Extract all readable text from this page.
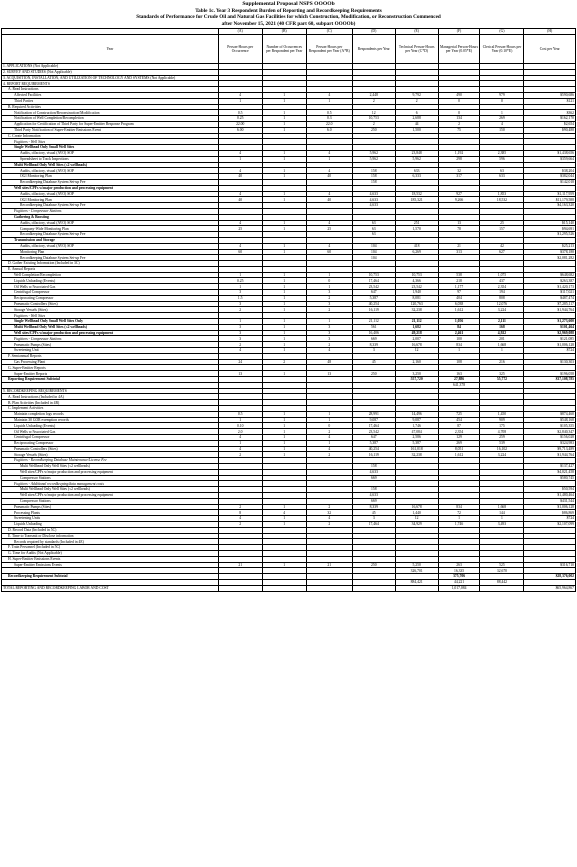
Supplemental Proposal NSPS OOOOb
Table 1c. Year 3 Respondent Burden of Reporting and Recordkeeping Requirements
Standards of Performance for Crude Oil and Natural Gas Facilities for which Construction, Modification, or Reconstruction Commenced
after November 15, 2021 (40 CFR part 60, subpart OOOOb)
	(A)	(B)	(C)	(D)	(E)	(F)	(G)	(H)
Year	Person-Hours per Occurrence	Number of Occurrences per Respondent per Year	Person-Hours per Respondent per Year (A*B)	Respondents per Year	Technical Person-Hours per Year (C*D)	Managerial Person-Hours per Year (0.05*E)	Clerical Person-Hours per Year (0.10*E)	Cost per Year
1. APPLICATIONS (Not Applicable)								
2. SURVEY AND STUDIES (Not Applicable)								
3. ACQUISITION, INSTALLATION, AND UTILIZATION OF TECHNOLOGY AND SYSTEMS (Not Applicable)								
4. REPORT REQUIREMENTS								
A. Read Instructions								
Affected Facilities	4	1	4	2,448	9,792	490	979	$590,686
Third Parties	1	1	1	2	2	0	0	$121
B. Required Activities								
Notification of Construction/Reconstruction/Modification	0.5	1	0.5	12	6	0	1	$362
Notification of Well Completion/Recompletion	0.25	1	0.3	10,753	2,688	134	269	$162,170
Application for Certification of Third Party for Super-Emitter Response Program	22.00	1	22.0	2	44	2	4	$2,654
Third Party Notification of Super-Emitter Emissions Event	6.00	1	6.0	250	1,500	75	150	$90,488
C. Create Information								
Fugitives - Well Sites								
Single Wellhead Only Small Well Sites								
Audits, olfactory, visual (AVO) SOP	4	1	4	5,962	23,848	1,192	2,385	$1,438,656
Spreadsheet to Track Inspections	1	1	1	5,962	5,962	298	596	$359,664
Multi Wellhead Only Well Sites (≤2 wellheads)								
Audits, olfactory, visual (AVO) SOP	4	1	4	158	633	32	63	$38,204
OGI Monitoring Plan	40	1	40	158	6,333	317	633	$382,044
Recordkeeping Database System Set-up Fee				158				$142,018
Well sites/CPFs w/major production and processing equipment								
Audits, olfactory, visual (AVO) SOP	4	1	4	4,633	18,532	927	1,853	$1,117,959
OGI Monitoring Plan	40	1	40	4,633	185,321	9,266	18,532	$11,179,588
Recordkeeping Database System Set-up Fee				4,633				$4,163,320
Fugitives - Compressor Stations								
Gathering & Boosting								
Audits, olfactory, visual (AVO) SOP	4	1	4	63	251	13	25	$15,140
Company-Wide Monitoring Plan	25	1	25	63	1,570	78	157	$94,691
Recordkeeping Database System Set-up Fee				63				$1,295,526
Transmission and Storage								
Audits, olfactory, visual (AVO) SOP	4	1	4	104	418	21	42	$25,213
Monitoring Plan	60	1	60	104	6,269	313	627	$378,188
Recordkeeping Database System Set-up Fee				104				$2,081,282
D. Gather Existing Information (Included in 3C)								
E. Annual Reports								
Well Completion/Recompletion	1	1	1	10,753	10,753	538	1,075	$648,682
Liquids Unloading (Events)	0.25	1	0	17,464	4,366	218	437	$263,387
Oil Wells w/Associated Gas	1	1	1	23,542	23,542	1,177	2,354	$1,420,173
Centrifugal Compressor	3	1	3	647	1,940	97	194	$117,021
Reciprocating Compressor	1.5	1	2	5,387	8,081	404	808	$487,474
Pneumatic Controllers (Sites)	3	1	3	40,254	120,763	6,038	12,076	$7,285,117
Storage Vessels (Sites)	2	1	2	16,119	32,238	1,612	3,224	$1,944,764
Fugitives - Well Sites								
Single Wellhead Only Small Well Sites Only	1	1	1	21,112	21,112	1,056	2,111	$1,273,600
Multi Wellhead Only Well Sites (≤2 wellheads)	3	1	3	561	1,682	84	168	$101,464
Well sites/CPFs w/major production and processing equipment	3	1	3	16,406	49,218	2,461	4,922	$2,969,088
Fugitives - Compressor Stations	3	1	3	669	2,007	100	201	$121,085
Pneumatic Pumps (Sites)	2	1	2	8,339	16,678	834	1,668	$1,006,128
Sweetening Unit	4	1	4	3	12	1	1	$724
F. Semiannual Reports								
Gas Processing Plant	24	2	48	45	2,160	108	216	$130,303
G. Super-Emitter Reports								
Super-Emitter Reports	13	1	13	250	3,250	163	325	$196,058
Reporting Requirement Subtotal					557,720	27,886	55,772	$37,108,785
						641,378		
5. RECORDKEEPING REQUIREMENTS								
A. Read Instructions (Included in 4A)								
B. Plan Activities (Included in 4B)								
C. Implement Activities								
Maintain completion logs records	0.5	1	1	28,991	14,496	725	1,450	$874,460
Maintain 30 GOR exemption records	1	1	1	9,087	9,087	454	909	$548,168
Liquids Unloading (Events)	0.10	1	0	17,464	1,746	87	175	$105,355
Oil Wells w/Associated Gas	2.0	1	2	23,542	47,084	2,354	4,708	$2,840,347
Centrifugal Compressor	4	1	4	647	2,586	129	259	$156,028
Reciprocating Compressor	1	1	1	5,387	5,387	269	539	$324,983
Pneumatic Controllers (Sites)	4	1	4	40,254	161,018	8,051	16,102	$9,713,489
Storage Vessels (Sites)	2	1	2	16,119	32,238	1,612	3,224	$1,944,764
Fugitives - Recordkeeping Database Maintenance/License Fee								
Multi Wellhead Only Well Sites (≤2 wellheads)				158				$137,427
Well sites/CPFs w/major production and processing equipment				4,633				$4,021,458
Compressor Stations				669				$580,745
Fugitives - Additional recordkeeping/data management costs								
Multi Wellhead Only Well Sites (≤2 wellheads)				158				$50,594
Well sites/CPFs w/major production and processing equipment				4,633				$1,480,464
Compressor Stations				669				$431,544
Pneumatic Pumps (Sites)	2	1	2	8,339	16,678	834	1,668	$1,006,128
Processing Plants	8	4	32	45	1,440	72	144	$86,869
Sweetening Units	4	1	4	3	12	1	1	$724
Liquids Unloading	2	1	2	17,464	34,929	1,746	3,493	$2,107,099
D. Record Data (Included in 5C)								
E. Time to Transmit or Disclose information								
Records required by standards (Included in 4E)								
F. Train Personnel (Included in 5C)								
G. Time for Audits (Not Applicable)								
H. Super-Emitter Emissions Events								
Super-Emitter Emissions Events	21	1	21	250	5,250	263	525	$316,710
					326,701	16,335	32,670	
Recordkeeping Requirement Subtotal						375,706		$28,376,002
					884,421	44,221	88,442	
TOTAL REPORTING AND RECORDKEEPING LABOR AND COST						1,017,084		$65,964,867
